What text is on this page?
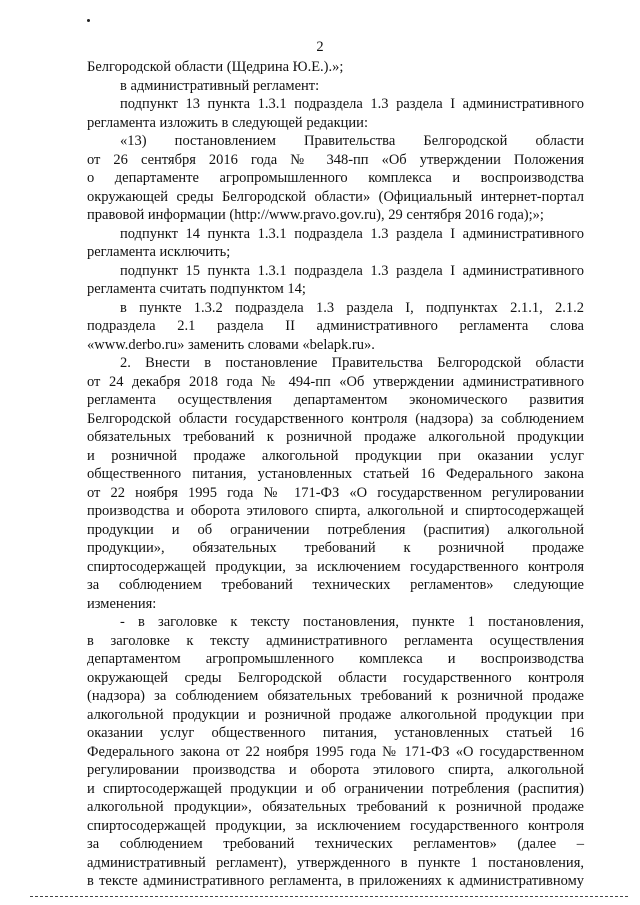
2

Белгородской области (Щедрина Ю.Е.).»;

в административный регламент:

подпункт 13 пункта 1.3.1 подраздела 1.3 раздела I административного

регламента изложить в следующей редакции:

«13) постановлением Правительства Белгородской области

от 26 сентября 2016 года № 348-пп «Об утверждении Положения

о департаменте агропромышленного комплекса и воспроизводства

окружающей среды Белгородской области» (Официальный интернет-портал

правовой информации (http://www.pravo.gov.ru), 29 сентября 2016 года);»;

подпункт 14 пункта 1.3.1 подраздела 1.3 раздела I административного

регламента исключить;

подпункт 15 пункта 1.3.1 подраздела 1.3 раздела I административного

регламента считать подпунктом 14;

в пункте 1.3.2 подраздела 1.3 раздела I, подпунктах 2.1.1, 2.1.2

подраздела 2.1 раздела II административного регламента слова

«www.derbo.ru» заменить словами «belapk.ru».

2. Внести в постановление Правительства Белгородской области

от 24 декабря 2018 года № 494-пп «Об утверждении административного

регламента осуществления департаментом экономического развития

Белгородской области государственного контроля (надзора) за соблюдением

обязательных требований к розничной продаже алкогольной продукции

и розничной продаже алкогольной продукции при оказании услуг

общественного питания, установленных статьей 16 Федерального закона

от 22 ноября 1995 года № 171-ФЗ «О государственном регулировании

производства и оборота этилового спирта, алкогольной и спиртосодержащей

продукции и об ограничении потребления (распития) алкогольной

продукции», обязательных требований к розничной продаже

спиртосодержащей продукции, за исключением государственного контроля

за соблюдением требований технических регламентов» следующие

изменения:

- в заголовке к тексту постановления, пункте 1 постановления,

в заголовке к тексту административного регламента осуществления

департаментом агропромышленного комплекса и воспроизводства

окружающей среды Белгородской области государственного контроля

(надзора) за соблюдением обязательных требований к розничной продаже

алкогольной продукции и розничной продаже алкогольной продукции при

оказании услуг общественного питания, установленных статьей 16

Федерального закона от 22 ноября 1995 года № 171-ФЗ «О государственном

регулировании производства и оборота этилового спирта, алкогольной

и спиртосодержащей продукции и об ограничении потребления (распития)

алкогольной продукции», обязательных требований к розничной продаже

спиртосодержащей продукции, за исключением государственного контроля

за соблюдением требований технических регламентов» (далее –

административный регламент), утвержденного в пункте 1 постановления,

в тексте административного регламента, в приложениях к административному
